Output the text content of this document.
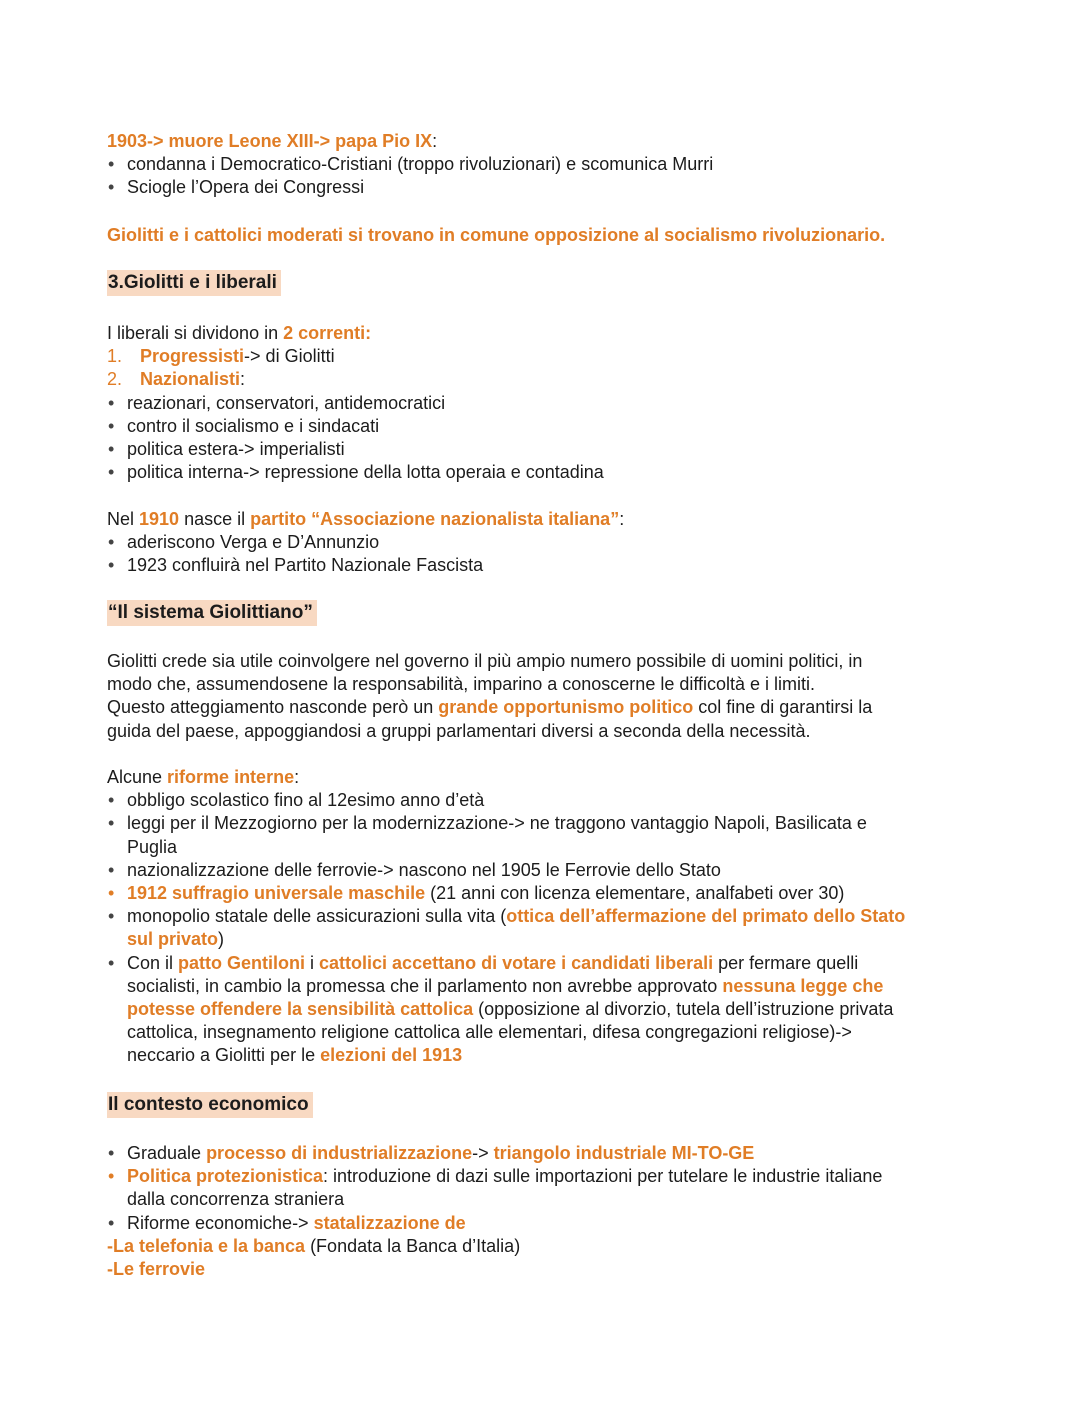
1903-> muore Leone XIII-> papa Pio IX:
• condanna i Democratico-Cristiani (troppo rivoluzionari) e scomunica Murri
• Sciogle l’Opera dei Congressi
Giolitti e i cattolici moderati si trovano in comune opposizione al socialismo rivoluzionario.
3.Giolitti e i liberali
I liberali si dividono in 2 correnti:
1. Progressisti-> di Giolitti
2. Nazionalisti:
• reazionari, conservatori, antidemocratici
• contro il socialismo e i sindacati
• politica estera-> imperialisti
• politica interna-> repressione della lotta operaia e contadina
Nel 1910 nasce il partito “Associazione nazionalista italiana”:
• aderiscono Verga e D’Annunzio
• 1923 confluirà nel Partito Nazionale Fascista
“Il sistema Giolittiano”
Giolitti crede sia utile coinvolgere nel governo il più ampio numero possibile di uomini politici, in
modo che, assumendosene la responsabilità, imparino a conoscerne le difficoltà e i limiti.
Questo atteggiamento nasconde però un grande opportunismo politico col fine di garantirsi la
guida del paese, appoggiandosi a gruppi parlamentari diversi a seconda della necessità.
Alcune riforme interne:
• obbligo scolastico fino al 12esimo anno d’età
• leggi per il Mezzogiorno per la modernizzazione-> ne traggono vantaggio Napoli, Basilicata e
Puglia
• nazionalizzazione delle ferrovie-> nascono nel 1905 le Ferrovie dello Stato
• 1912 suffragio universale maschile (21 anni con licenza elementare, analfabeti over 30)
• monopolio statale delle assicurazioni sulla vita (ottica dell’affermazione del primato dello Stato
sul privato)
• Con il patto Gentiloni i cattolici accettano di votare i candidati liberali per fermare quelli
socialisti, in cambio la promessa che il parlamento non avrebbe approvato nessuna legge che
potesse offendere la sensibilità cattolica (opposizione al divorzio, tutela dell’istruzione privata
cattolica, insegnamento religione cattolica alle elementari, difesa congregazioni religiose)->
neccario a Giolitti per le elezioni del 1913
Il contesto economico
• Graduale processo di industrializzazione-> triangolo industriale MI-TO-GE
• Politica protezionistica: introduzione di dazi sulle importazioni per tutelare le industrie italiane
dalla concorrenza straniera
• Riforme economiche-> statalizzazione de
-La telefonia e la banca (Fondata la Banca d’Italia)
-Le ferrovie
